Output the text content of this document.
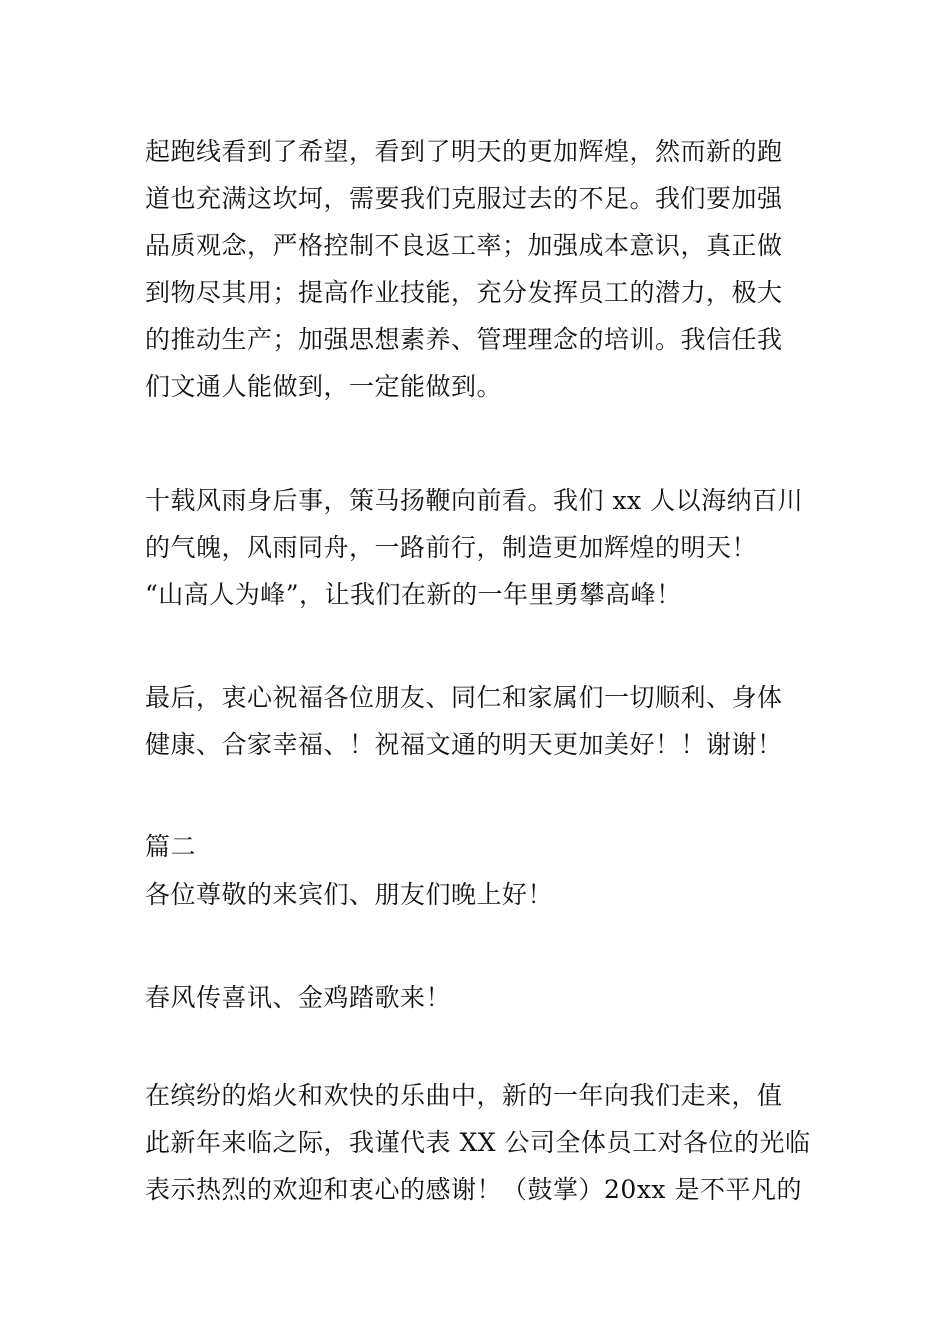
起跑线看到了希望，看到了明天的更加辉煌，然而新的跑
道也充满这坎坷，需要我们克服过去的不足。我们要加强
品质观念，严格控制不良返工率；加强成本意识，真正做
到物尽其用；提高作业技能，充分发挥员工的潜力，极大
的推动生产；加强思想素养、管理理念的培训。我信任我
们文通人能做到，一定能做到。
十载风雨身后事，策马扬鞭向前看。我们 xx 人以海纳百川
的气魄，风雨同舟，一路前行，制造更加辉煌的明天！
“山高人为峰”，让我们在新的一年里勇攀高峰！
最后，衷心祝福各位朋友、同仁和家属们一切顺利、身体
健康、合家幸福、！祝福文通的明天更加美好！！谢谢！
篇二
各位尊敬的来宾们、朋友们晚上好！
春风传喜讯、金鸡踏歌来！
在缤纷的焰火和欢快的乐曲中，新的一年向我们走来，值
此新年来临之际，我谨代表 XX 公司全体员工对各位的光临
表示热烈的欢迎和衷心的感谢！（鼓掌）20xx 是不平凡的
